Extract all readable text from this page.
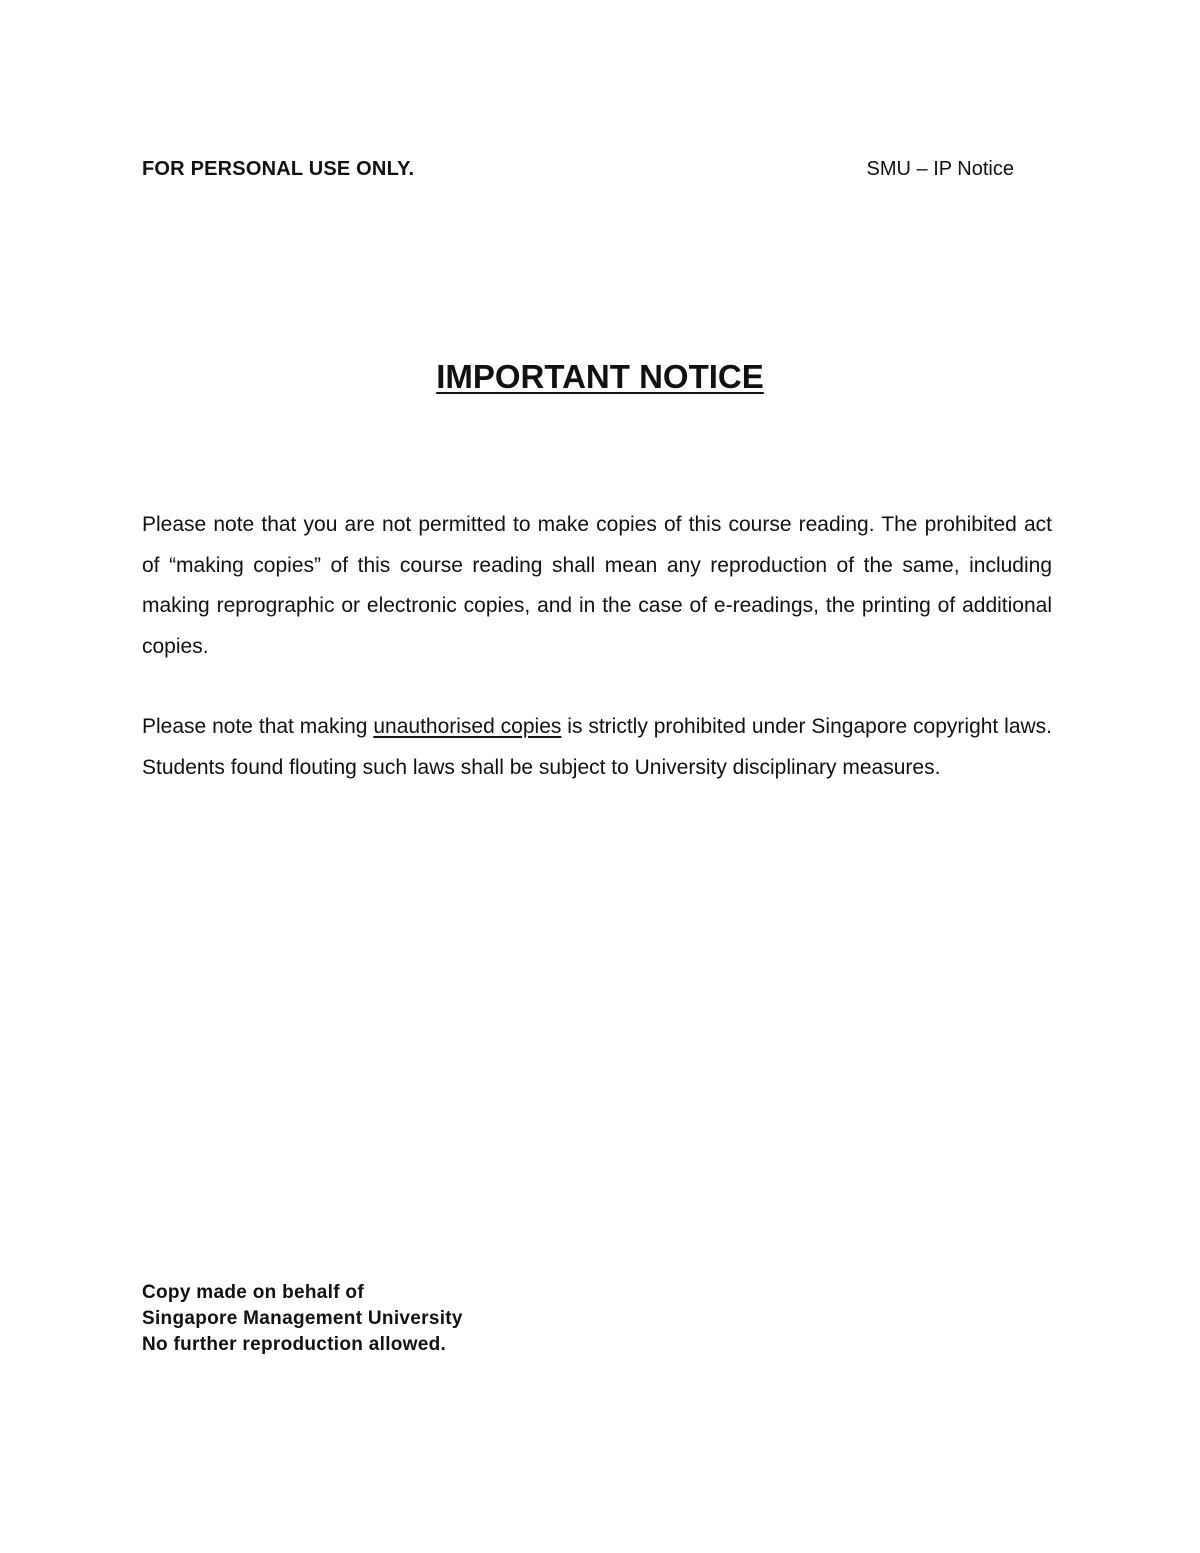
FOR PERSONAL USE ONLY.	SMU – IP Notice
IMPORTANT NOTICE

Please note that you are not permitted to make copies of this course reading. The prohibited act of “making copies” of this course reading shall mean any reproduction of the same, including making reprographic or electronic copies, and in the case of e-readings, the printing of additional copies.

Please note that making unauthorised copies is strictly prohibited under Singapore copyright laws. Students found flouting such laws shall be subject to University disciplinary measures.

Copy made on behalf of
Singapore Management University
No further reproduction allowed.
